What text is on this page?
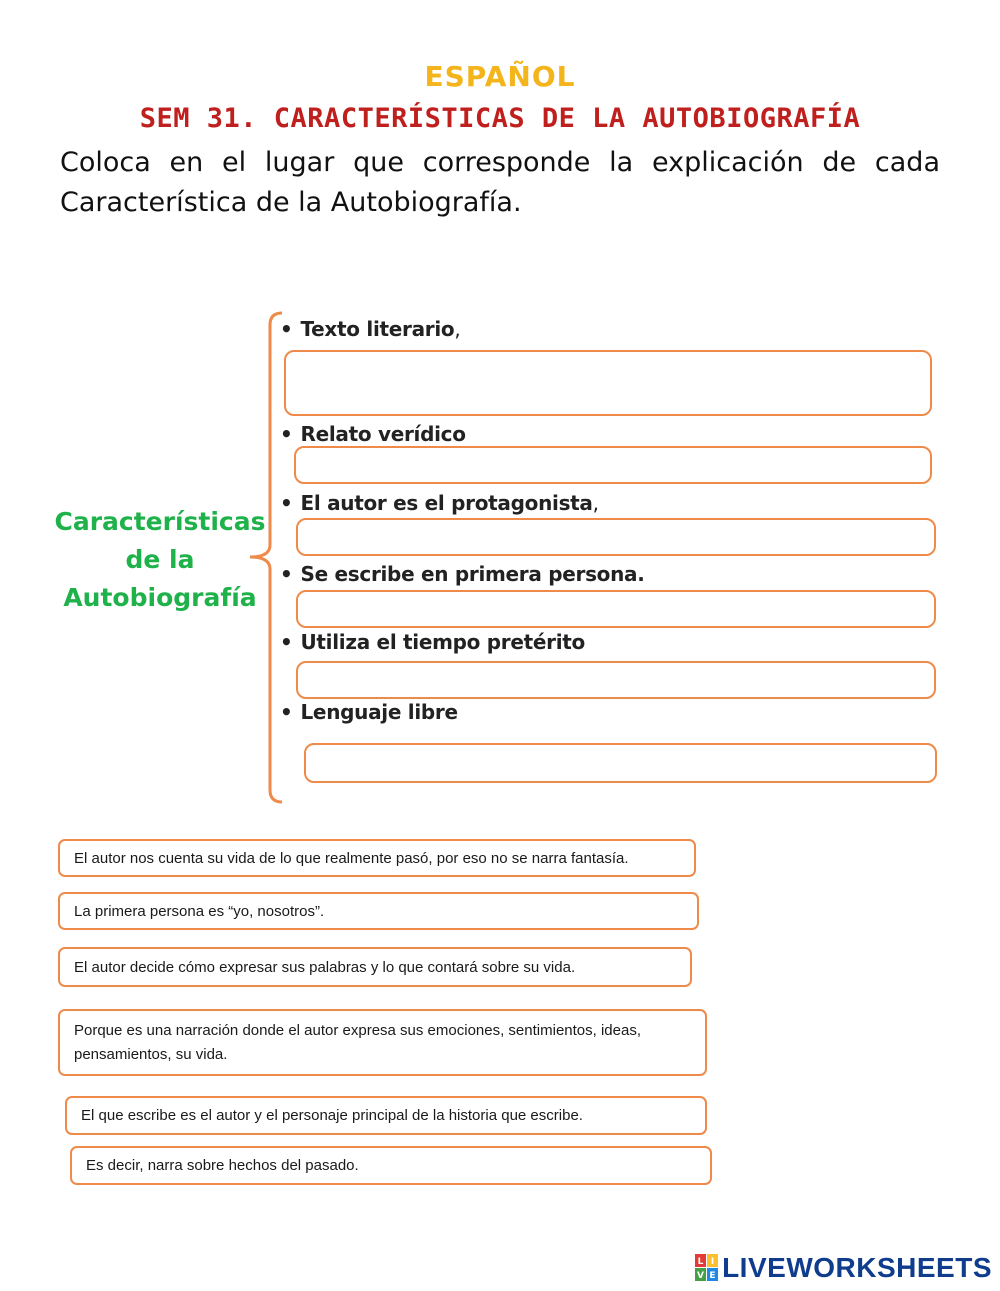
ESPAÑOL
SEM 31. CARACTERÍSTICAS DE LA AUTOBIOGRAFÍA
Coloca en el lugar que corresponde la explicación de cada Característica de la Autobiografía.
Características
de la
Autobiografía
• Texto literario,
• Relato verídico
• El autor es el protagonista,
• Se escribe en primera persona.
• Utiliza el tiempo pretérito
• Lenguaje libre
El autor nos cuenta su vida de lo que realmente pasó, por eso no se narra fantasía.
La primera persona es “yo, nosotros”.
El autor decide cómo expresar sus palabras y lo que contará sobre su vida.
Porque es una narración donde el autor expresa sus emociones, sentimientos, ideas, pensamientos, su vida.
El que escribe es el autor y el personaje principal de la historia que escribe.
Es decir, narra sobre hechos del pasado.
L I
V E LIVEWORKSHEETS
